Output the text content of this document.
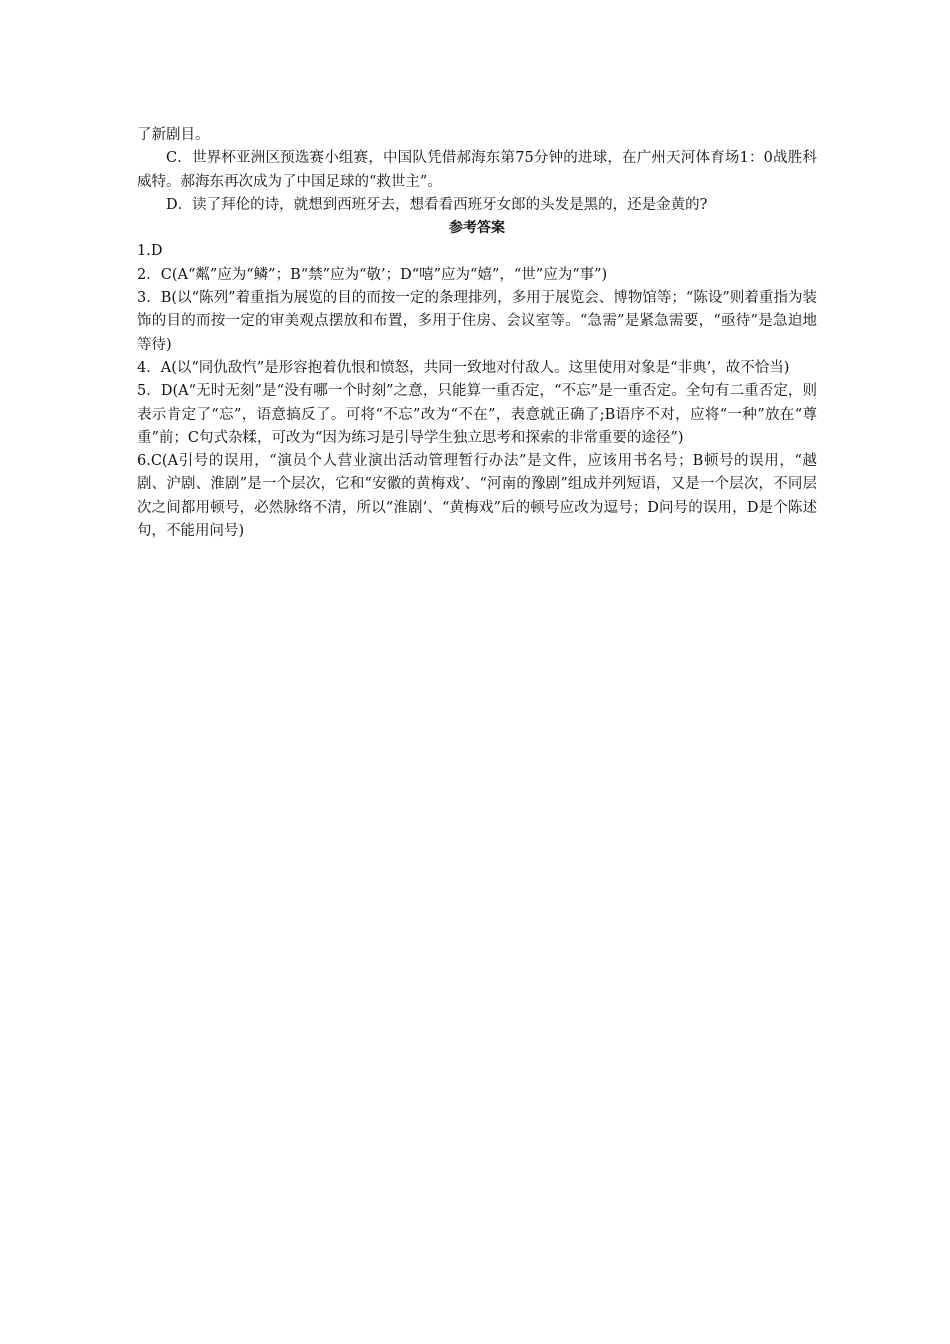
了新剧目。

C．世界杯亚洲区预选赛小组赛，中国队凭借郝海东第75分钟的进球，在广州天河体育场1：0战胜科威特。郝海东再次成为了中国足球的“救世主”。

D．读了拜伦的诗，就想到西班牙去，想看看西班牙女郎的头发是黑的，还是金黄的?

参考答案

1.D

2．C(A“粼”应为“鳞”；B“禁”应为“敬’；D“嘻”应为“嬉”，“世”应为“事”)

3．B(以“陈列”着重指为展览的目的而按一定的条理排列，多用于展览会、博物馆等；“陈设”则着重指为装饰的目的而按一定的审美观点摆放和布置，多用于住房、会议室等。“急需”是紧急需要，“亟待”是急迫地等待)

4．A(以“同仇敌忾”是形容抱着仇恨和愤怒，共同一致地对付敌人。这里使用对象是“非典’，故不恰当)

5．D(A“无时无刻”是“没有哪一个时刻”之意，只能算一重否定，“不忘”是一重否定。全句有二重否定，则表示肯定了“忘”，语意搞反了。可将“不忘”改为“不在”，表意就正确了;B语序不对，应将“一种”放在“尊重”前；C句式杂糅，可改为“因为练习是引导学生独立思考和探索的非常重要的途径”)

6.C(A引号的误用，“演员个人营业演出活动管理暂行办法”是文件，应该用书名号；B顿号的误用，“越剧、沪剧、淮剧”是一个层次，它和“安徽的黄梅戏’、“河南的豫剧”组成并列短语，又是一个层次，不同层次之间都用顿号，必然脉络不清，所以“淮剧’、“黄梅戏”后的顿号应改为逗号；D问号的误用，D是个陈述句，不能用问号)
